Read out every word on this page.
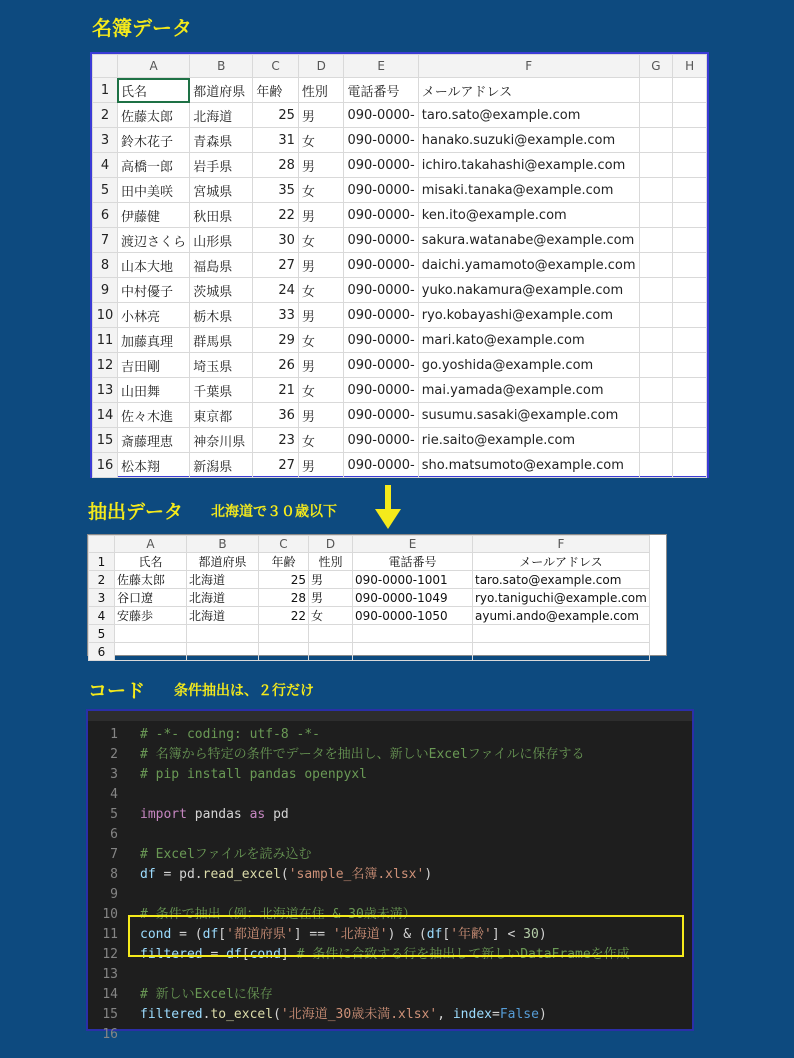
名簿データ
	A	B	C	D	E	F	G	H
1	氏名	都道府県	年齢	性別	電話番号	メールアドレス		
2	佐藤太郎	北海道	25	男	090-0000-	taro.sato@example.com		
3	鈴木花子	青森県	31	女	090-0000-	hanako.suzuki@example.com		
4	高橋一郎	岩手県	28	男	090-0000-	ichiro.takahashi@example.com		
5	田中美咲	宮城県	35	女	090-0000-	misaki.tanaka@example.com		
6	伊藤健	秋田県	22	男	090-0000-	ken.ito@example.com		
7	渡辺さくら	山形県	30	女	090-0000-	sakura.watanabe@example.com		
8	山本大地	福島県	27	男	090-0000-	daichi.yamamoto@example.com		
9	中村優子	茨城県	24	女	090-0000-	yuko.nakamura@example.com		
10	小林亮	栃木県	33	男	090-0000-	ryo.kobayashi@example.com		
11	加藤真理	群馬県	29	女	090-0000-	mari.kato@example.com		
12	吉田剛	埼玉県	26	男	090-0000-	go.yoshida@example.com		
13	山田舞	千葉県	21	女	090-0000-	mai.yamada@example.com		
14	佐々木進	東京都	36	男	090-0000-	susumu.sasaki@example.com		
15	斎藤理恵	神奈川県	23	女	090-0000-	rie.saito@example.com		
16	松本翔	新潟県	27	男	090-0000-	sho.matsumoto@example.com		
抽出データ 北海道で３０歳以下
	A	B	C	D	E	F
1	氏名	都道府県	年齢	性別	電話番号	メールアドレス
2	佐藤太郎	北海道	25	男	090-0000-1001	taro.sato@example.com
3	谷口遼	北海道	28	男	090-0000-1049	ryo.taniguchi@example.com
4	安藤歩	北海道	22	女	090-0000-1050	ayumi.ando@example.com
5						
6						
コード 条件抽出は、２行だけ

1 # -*- coding: utf-8 -*-
2 # 名簿から特定の条件でデータを抽出し、新しいExcelファイルに保存する
3 # pip install pandas openpyxl
4
5 import pandas as pd
6
7 # Excelファイルを読み込む
8 df = pd.read_excel('sample_名簿.xlsx')
9
10 # 条件で抽出（例：北海道在住 & 30歳未満）
11 cond = (df['都道府県'] == '北海道') & (df['年齢'] < 30)
12 filtered = df[cond] # 条件に合致する行を抽出して新しいDataFrameを作成
13
14 # 新しいExcelに保存
15 filtered.to_excel('北海道_30歳未満.xlsx', index=False)
16
